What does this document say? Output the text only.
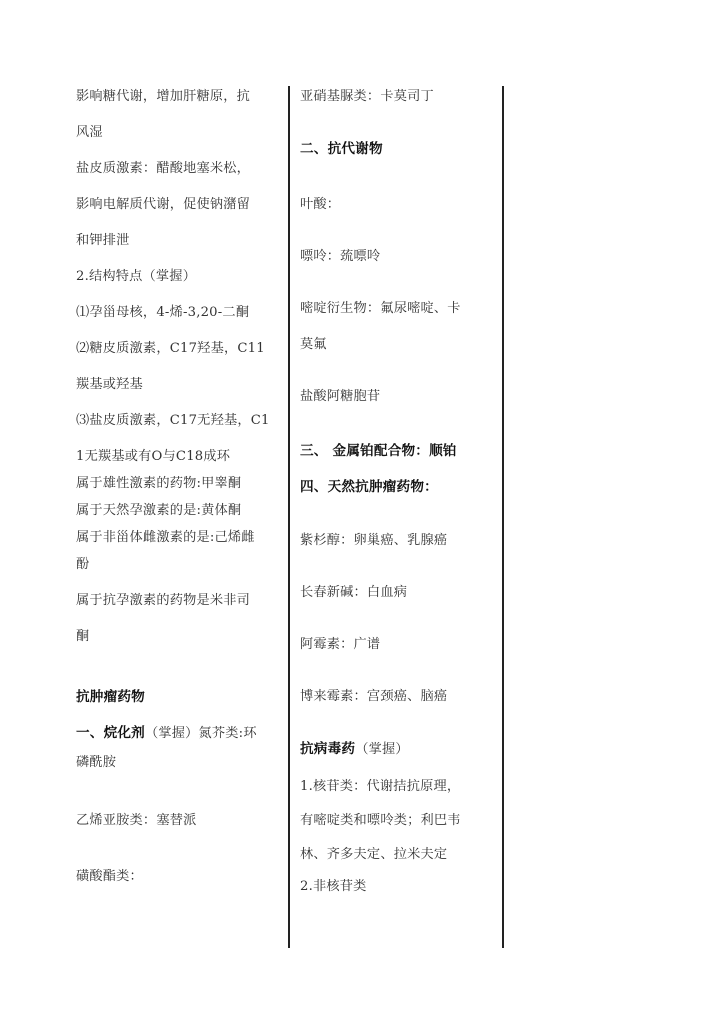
影响糖代谢，增加肝糖原，抗
风湿
盐皮质激素：醋酸地塞米松，
影响电解质代谢，促使钠潴留
和钾排泄
2.结构特点（掌握）
⑴孕甾母核，4-烯-3,20-二酮
⑵糖皮质激素，C17羟基，C11
羰基或羟基
⑶盐皮质激素，C17无羟基，C1
1无羰基或有O与C18成环
属于雄性激素的药物:甲睾酮
属于天然孕激素的是:黄体酮
属于非甾体雌激素的是:己烯雌
酚
属于抗孕激素的药物是米非司
酮
抗肿瘤药物
一、烷化剂（掌握）氮芥类:环
磷酰胺
乙烯亚胺类：塞替派
磺酸酯类：
亚硝基脲类：卡莫司丁
二、抗代谢物
叶酸：
嘌呤：巯嘌呤
嘧啶衍生物：氟尿嘧啶、卡
莫氟
盐酸阿糖胞苷
三、 金属铂配合物：顺铂
四、天然抗肿瘤药物：
紫杉醇：卵巢癌、乳腺癌
长春新碱：白血病
阿霉素：广谱
博来霉素：宫颈癌、脑癌
抗病毒药（掌握）
1.核苷类：代谢拮抗原理，
有嘧啶类和嘌呤类；利巴韦
林、齐多夫定、拉米夫定
2.非核苷类
